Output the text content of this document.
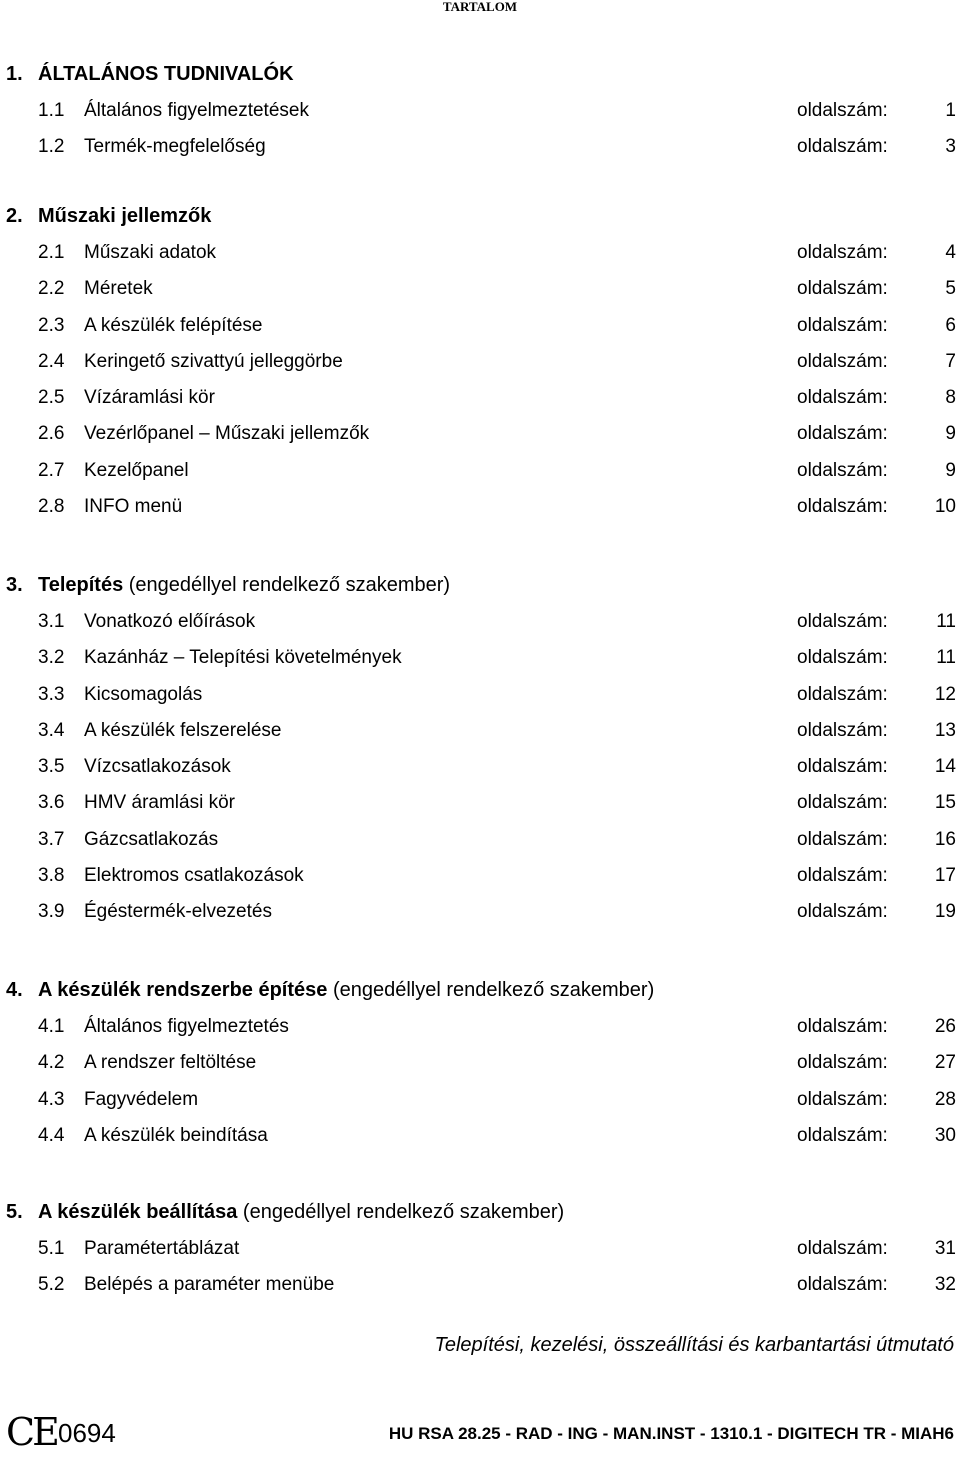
TARTALOM
1. ÁLTALÁNOS TUDNIVALÓK
1.1 Általános figyelmeztetések	oldalszám:	1
1.2 Termék-megfelelőség	oldalszám:	3
2. Műszaki jellemzők
2.1 Műszaki adatok	oldalszám:	4
2.2 Méretek	oldalszám:	5
2.3 A készülék felépítése	oldalszám:	6
2.4 Keringető szivattyú jelleggörbe	oldalszám:	7
2.5 Vízáramlási kör	oldalszám:	8
2.6 Vezérlőpanel – Műszaki jellemzők	oldalszám:	9
2.7 Kezelőpanel	oldalszám:	9
2.8 INFO menü	oldalszám: 10
3. Telepítés (engedéllyel rendelkező szakember)
3.1 Vonatkozó előírások	oldalszám:	11
3.2 Kazánház – Telepítési követelmények	oldalszám:	11
3.3 Kicsomagolás	oldalszám: 12
3.4 A készülék felszerelése	oldalszám: 13
3.5 Vízcsatlakozások	oldalszám: 14
3.6 HMV áramlási kör	oldalszám: 15
3.7 Gázcsatlakozás	oldalszám: 16
3.8 Elektromos csatlakozások	oldalszám: 17
3.9 Égéstermék-elvezetés	oldalszám: 19
4. A készülék rendszerbe építése (engedéllyel rendelkező szakember)
4.1 Általános figyelmeztetés	oldalszám: 26
4.2 A rendszer feltöltése	oldalszám: 27
4.3 Fagyvédelem	oldalszám: 28
4.4 A készülék beindítása	oldalszám: 30
5. A készülék beállítása (engedéllyel rendelkező szakember)
5.1 Paramétertáblázat	oldalszám: 31
5.2 Belépés a paraméter menübe	oldalszám: 32
Telepítési, kezelési, összeállítási és karbantartási útmutató
CE 0694	HU RSA 28.25 - RAD - ING - MAN.INST - 1310.1 - DIGITECH TR - MIAH6
